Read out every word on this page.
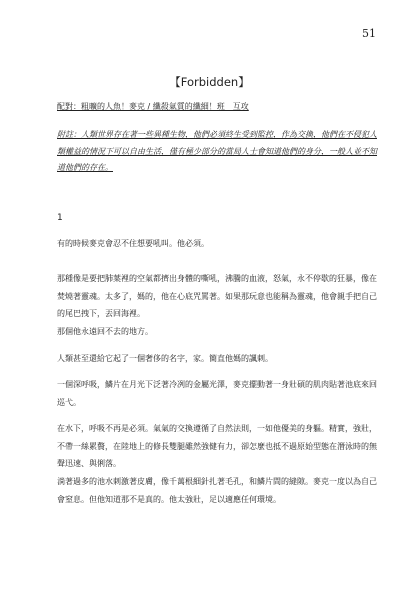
51
【Forbidden】
配對：粗曠的人魚！麥克 / 纖殺氣質的纖細！班　互攻
附註：人類世界存在著一些異種生物，他們必須終生受到監控，作為交換，他們在不侵犯人類權益的情況下可以自由生活，僅有極少部分的當局人士會知道他們的身分，一般人並不知道他們的存在。
1

有的時候麥克會忍不住想要吼叫。他必須。

那種像是要把肺葉裡的空氣都擠出身體的嘶吼，沸騰的血液，怒氣，永不停歇的狂暴，像在焚燒著靈魂。太多了，媽的，他在心底咒罵著。如果那玩意也能稱為靈魂，他會親手把自己的尾巴拽下，丟回海裡。

那個他永遠回不去的地方。

人類甚至還給它起了一個奢侈的名字，家。簡直他媽的諷刺。

一個深呼吸，鱗片在月光下泛著冷冽的金屬光澤，麥克擺動著一身壯碩的肌肉貼著池底來回巡弋。

在水下，呼吸不再是必須。氣氣的交換遵循了自然法則，一如他優美的身軀。精實，強壯，不帶一絲累贅，在陸地上的修長雙腿雖然強健有力，卻怎麼也抵不過原始型態在潛泳時的無聲迅速、與俐落。

淌著過多的池水刺激著皮膚，像千萬根細針扎著毛孔，和鱗片間的縫隙。麥克一度以為自己會窒息。但他知道那不是真的。他太強壯，足以適應任何環境。
